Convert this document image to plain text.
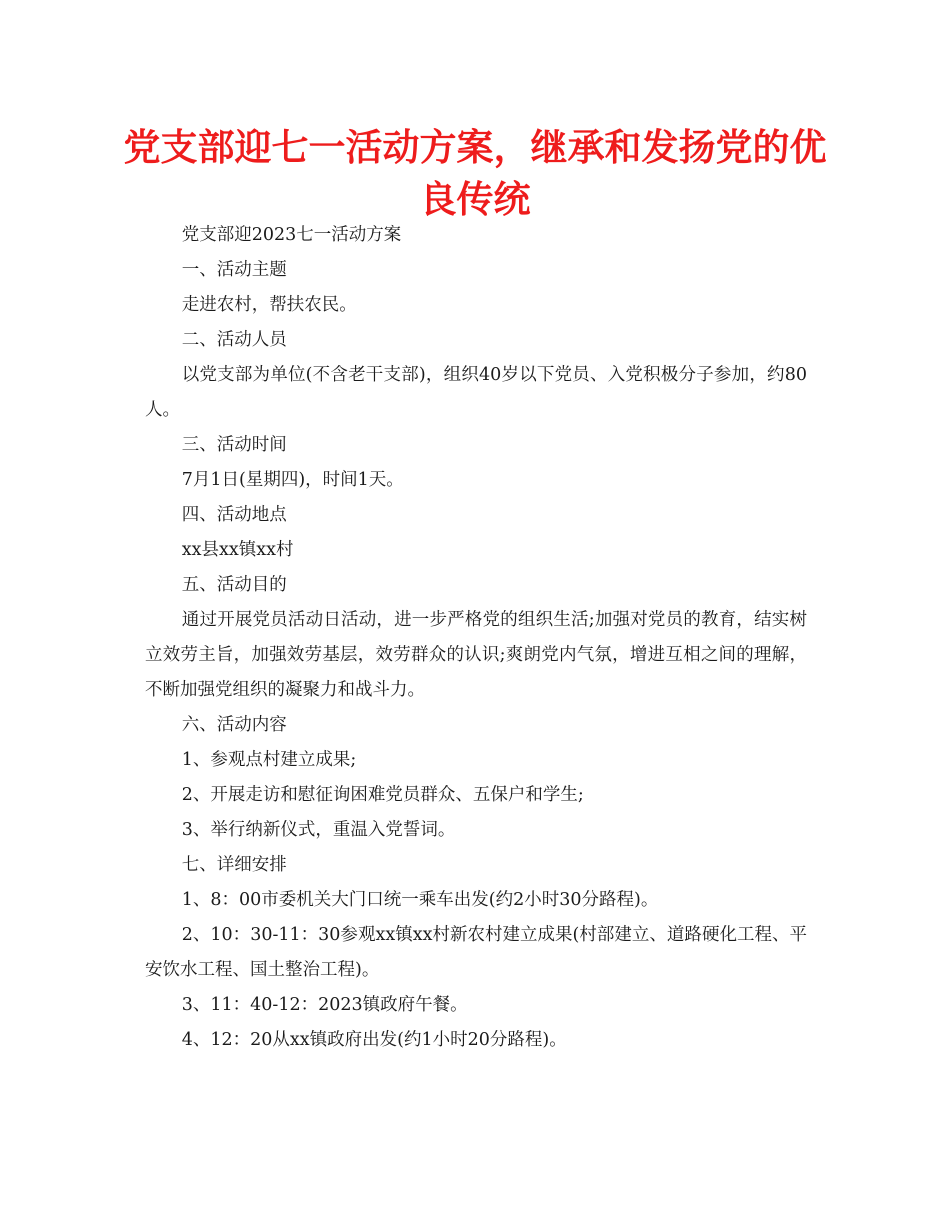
党支部迎七一活动方案，继承和发扬党的优良传统

党支部迎2023七一活动方案

一、活动主题

走进农村，帮扶农民。

二、活动人员

以党支部为单位(不含老干支部)，组织40岁以下党员、入党积极分子参加，约80人。

三、活动时间

7月1日(星期四)，时间1天。

四、活动地点

xx县xx镇xx村

五、活动目的

通过开展党员活动日活动，进一步严格党的组织生活;加强对党员的教育，结实树立效劳主旨，加强效劳基层，效劳群众的认识;爽朗党内气氛，增进互相之间的理解，不断加强党组织的凝聚力和战斗力。

六、活动内容

1、参观点村建立成果;

2、开展走访和慰征询困难党员群众、五保户和学生;

3、举行纳新仪式，重温入党誓词。

七、详细安排

1、8：00市委机关大门口统一乘车出发(约2小时30分路程)。

2、10：30-11：30参观xx镇xx村新农村建立成果(村部建立、道路硬化工程、平安饮水工程、国土整治工程)。

3、11：40-12：2023镇政府午餐。

4、12：20从xx镇政府出发(约1小时20分路程)。
